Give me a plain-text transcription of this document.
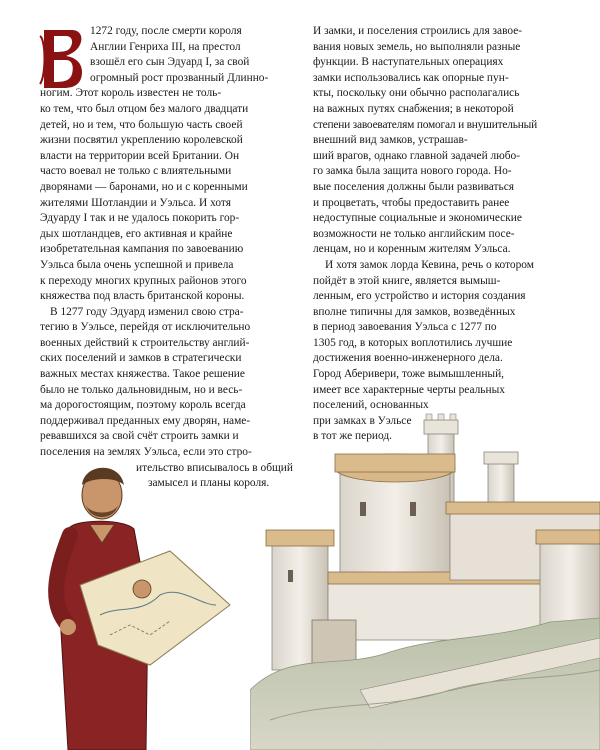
1272 году, после смерти короля
Англии Генриха III, на престол
взошёл его сын Эдуард I, за свой
огромный рост прозванный Длинно-
ногим. Этот король известен не толь-
ко тем, что был отцом без малого двадцати
детей, но и тем, что большую часть своей
жизни посвятил укреплению королевской
власти на территории всей Британии. Он
часто воевал не только с влиятельными
дворянами — баронами, но и с коренными
жителями Шотландии и Уэльса. И хотя
Эдуарду I так и не удалось покорить гор-
дых шотландцев, его активная и крайне
изобретательная кампания по завоеванию
Уэльса была очень успешной и привела
к переходу многих крупных районов этого
княжества под власть британской короны.
В 1277 году Эдуард изменил свою стра-
тегию в Уэльсе, перейдя от исключительно
военных действий к строительству англий-
ских поселений и замков в стратегически
важных местах княжества. Такое решение
было не только дальновидным, но и весь-
ма дорогостоящим, поэтому король всегда
поддерживал преданных ему дворян, наме-
ревавшихся за свой счёт строить замки и
поселения на землях Уэльса, если это стро-
ительство вписывалось в общий
замысел и планы короля.
И замки, и поселения строились для завое-
вания новых земель, но выполняли разные
функции. В наступательных операциях
замки использовались как опорные пун-
кты, поскольку они обычно располагались
на важных путях снабжения; в некоторой
степени завоевателям помогал и внушительный
внешний вид замков, устрашав-
ший врагов, однако главной задачей любо-
го замка была защита нового города. Но-
вые поселения должны были развиваться
и процветать, чтобы предоставить ранее
недоступные социальные и экономические
возможности не только английским посе-
ленцам, но и коренным жителям Уэльса.
И хотя замок лорда Кевина, речь о котором
пойдёт в этой книге, является вымыш-
ленным, его устройство и история создания
вполне типичны для замков, возведённых
в период завоевания Уэльса с 1277 по
1305 год, в которых воплотились лучшие
достижения военно-инженерного дела.
Город Аберивери, тоже вымышленный,
имеет все характерные черты реальных
поселений, основанных
при замках в Уэльсе
в тот же период.
